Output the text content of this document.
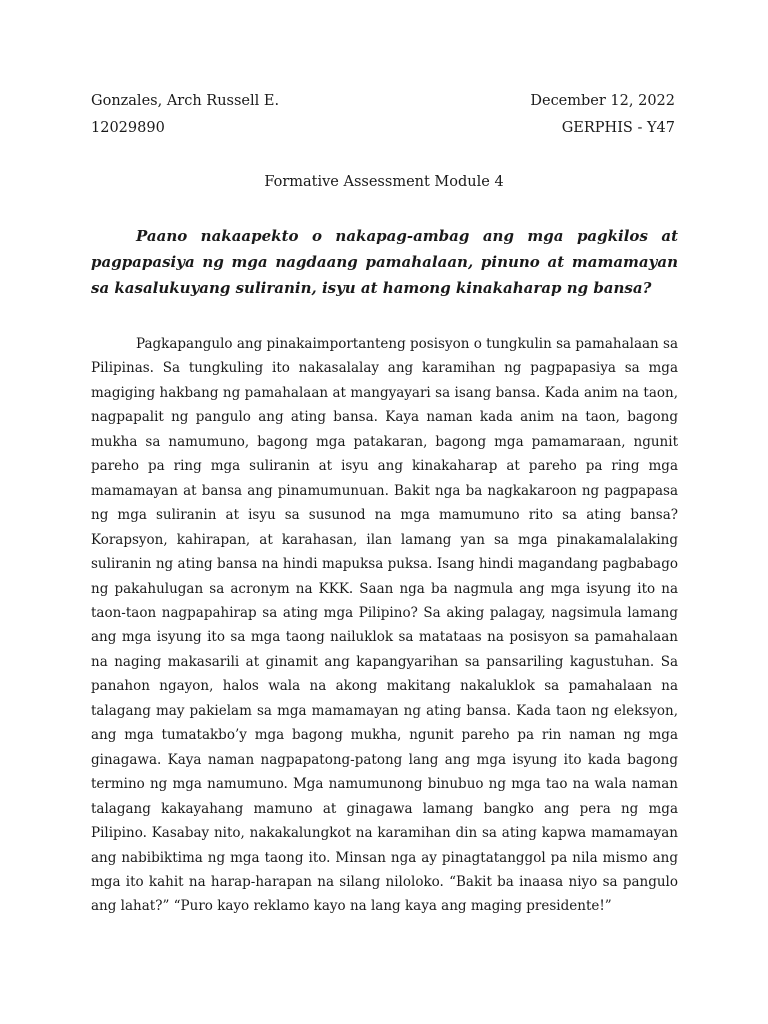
Gonzales, Arch Russell E.	December 12, 2022
12029890	GERPHIS - Y47
Formative Assessment Module 4
Paano nakaapekto o nakapag-ambag ang mga pagkilos at pagpapasiya ng mga nagdaang pamahalaan, pinuno at mamamayan sa kasalukuyang suliranin, isyu at hamong kinakaharap ng bansa?

Pagkapangulo ang pinakaimportanteng posisyon o tungkulin sa pamahalaan sa Pilipinas. Sa tungkuling ito nakasalalay ang karamihan ng pagpapasiya sa mga magiging hakbang ng pamahalaan at mangyayari sa isang bansa. Kada anim na taon, nagpapalit ng pangulo ang ating bansa. Kaya naman kada anim na taon, bagong mukha sa namumuno, bagong mga patakaran, bagong mga pamamaraan, ngunit pareho pa ring mga suliranin at isyu ang kinakaharap at pareho pa ring mga mamamayan at bansa ang pinamumunuan. Bakit nga ba nagkakaroon ng pagpapasa ng mga suliranin at isyu sa susunod na mga mamumuno rito sa ating bansa? Korapsyon, kahirapan, at karahasan, ilan lamang yan sa mga pinakamalalaking suliranin ng ating bansa na hindi mapuksa puksa. Isang hindi magandang pagbabago ng pakahulugan sa acronym na KKK. Saan nga ba nagmula ang mga isyung ito na taon-taon nagpapahirap sa ating mga Pilipino? Sa aking palagay, nagsimula lamang ang mga isyung ito sa mga taong nailuklok sa matataas na posisyon sa pamahalaan na naging makasarili at ginamit ang kapangyarihan sa pansariling kagustuhan. Sa panahon ngayon, halos wala na akong makitang nakaluklok sa pamahalaan na talagang may pakielam sa mga mamamayan ng ating bansa. Kada taon ng eleksyon, ang mga tumatakbo’y mga bagong mukha, ngunit pareho pa rin naman ng mga ginagawa. Kaya naman nagpapatong-patong lang ang mga isyung ito kada bagong termino ng mga namumuno. Mga namumunong binubuo ng mga tao na wala naman talagang kakayahang mamuno at ginagawa lamang bangko ang pera ng mga Pilipino. Kasabay nito, nakakalungkot na karamihan din sa ating kapwa mamamayan ang nabibiktima ng mga taong ito. Minsan nga ay pinagtatanggol pa nila mismo ang mga ito kahit na harap-harapan na silang niloloko. “Bakit ba inaasa niyo sa pangulo ang lahat?” “Puro kayo reklamo kayo na lang kaya ang maging presidente!”
